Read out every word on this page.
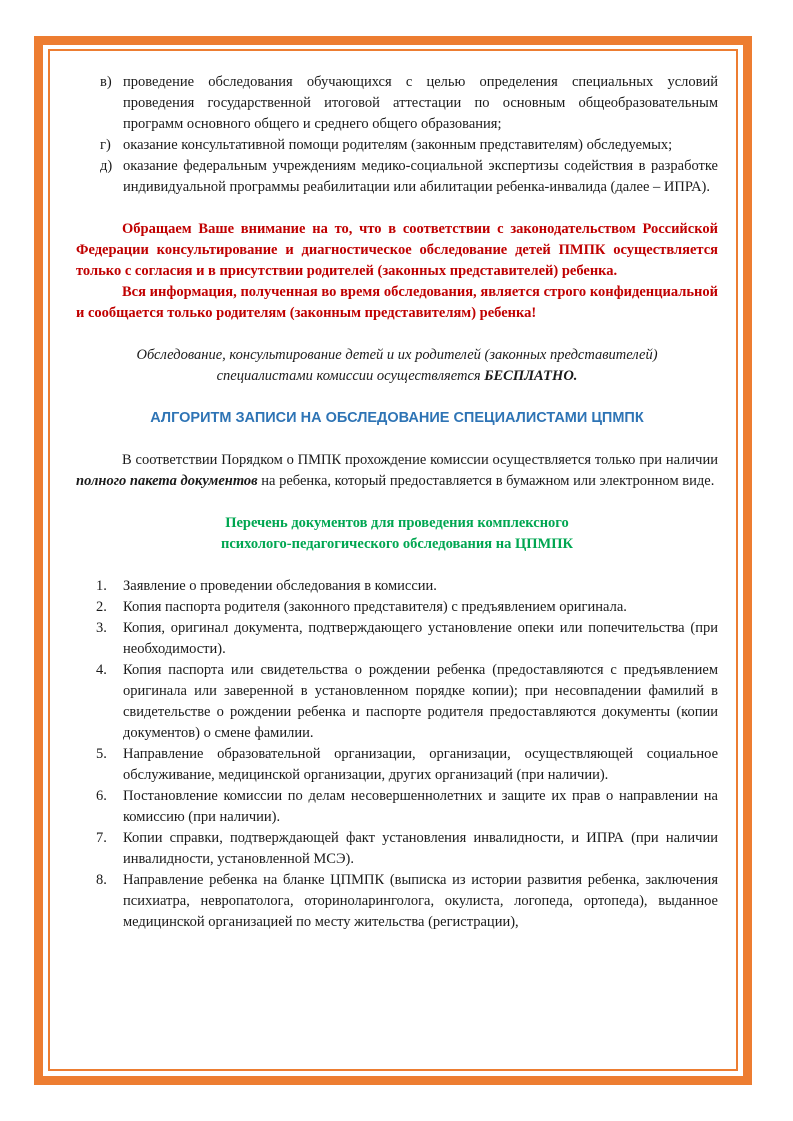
в) проведение обследования обучающихся с целью определения специальных условий проведения государственной итоговой аттестации по основным общеобразовательным программ основного общего и среднего общего образования;
г) оказание консультативной помощи родителям (законным представителям) обследуемых;
д) оказание федеральным учреждениям медико-социальной экспертизы содействия в разработке индивидуальной программы реабилитации или абилитации ребенка-инвалида (далее – ИПРА).

Обращаем Ваше внимание на то, что в соответствии с законодательством Российской Федерации консультирование и диагностическое обследование детей ПМПК осуществляется только с согласия и в присутствии родителей (законных представителей) ребенка.

Вся информация, полученная во время обследования, является строго конфиденциальной и сообщается только родителям (законным представителям) ребенка!

Обследование, консультирование детей и их родителей (законных представителей)
специалистами комиссии осуществляется БЕСПЛАТНО.
АЛГОРИТМ ЗАПИСИ НА ОБСЛЕДОВАНИЕ СПЕЦИАЛИСТАМИ ЦПМПК

В соответствии Порядком о ПМПК прохождение комиссии осуществляется только при наличии полного пакета документов на ребенка, который предоставляется в бумажном или электронном виде.

Перечень документов для проведения комплексного
психолого-педагогического обследования на ЦПМПК
1. Заявление о проведении обследования в комиссии.
2. Копия паспорта родителя (законного представителя) с предъявлением оригинала.
3. Копия, оригинал документа, подтверждающего установление опеки или попечительства (при необходимости).
4. Копия паспорта или свидетельства о рождении ребенка (предоставляются с предъявлением оригинала или заверенной в установленном порядке копии); при несовпадении фамилий в свидетельстве о рождении ребенка и паспорте родителя предоставляются документы (копии документов) о смене фамилии.
5. Направление образовательной организации, организации, осуществляющей социальное обслуживание, медицинской организации, других организаций (при наличии).
6. Постановление комиссии по делам несовершеннолетних и защите их прав о направлении на комиссию (при наличии).
7. Копии справки, подтверждающей факт установления инвалидности, и ИПРА (при наличии инвалидности, установленной МСЭ).
8. Направление ребенка на бланке ЦПМПК (выписка из истории развития ребенка, заключения психиатра, невропатолога, оториноларинголога, окулиста, логопеда, ортопеда), выданное медицинской организацией по месту жительства (регистрации),
